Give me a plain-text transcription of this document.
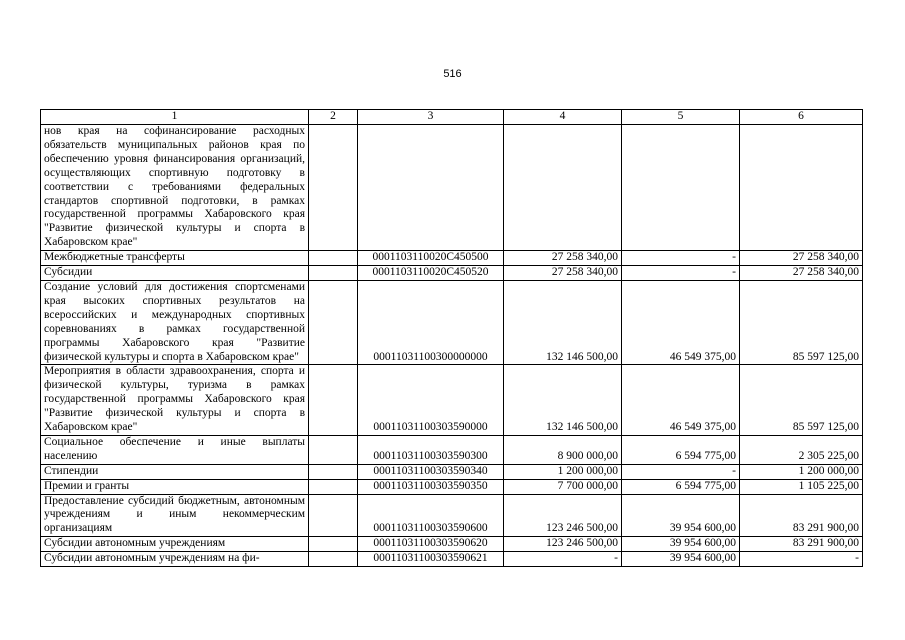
516
1	2	3	4	5	6
нов края на софинансирование расходных обязательств муниципальных районов края по обеспечению уровня финансирования организаций, осуществляющих спортивную подготовку в соответствии с требованиями федеральных стандартов спортивной подготовки, в рамках государственной программы Хабаровского края "Развитие физической культуры и спорта в Хабаровском крае"					
Межбюджетные трансферты		0001103110020C450500	27 258 340,00	-	27 258 340,00
Субсидии		0001103110020C450520	27 258 340,00	-	27 258 340,00
Создание условий для достижения спортсменами края высоких спортивных результатов на всероссийских и международных спортивных соревнованиях в рамках государственной программы Хабаровского края "Развитие физической культуры и спорта в Хабаровском крае"		00011031100300000000	132 146 500,00	46 549 375,00	85 597 125,00
Мероприятия в области здравоохранения, спорта и физической культуры, туризма в рамках государственной программы Хабаровского края "Развитие физической культуры и спорта в Хабаровском крае"		00011031100303590000	132 146 500,00	46 549 375,00	85 597 125,00
Социальное обеспечение и иные выплаты населению		00011031100303590300	8 900 000,00	6 594 775,00	2 305 225,00
Стипендии		00011031100303590340	1 200 000,00	-	1 200 000,00
Премии и гранты		00011031100303590350	7 700 000,00	6 594 775,00	1 105 225,00
Предоставление субсидий бюджетным, автономным учреждениям и иным некоммерческим организациям		00011031100303590600	123 246 500,00	39 954 600,00	83 291 900,00
Субсидии автономным учреждениям		00011031100303590620	123 246 500,00	39 954 600,00	83 291 900,00
Субсидии автономным учреждениям на фи-		00011031100303590621	-	39 954 600,00	-
